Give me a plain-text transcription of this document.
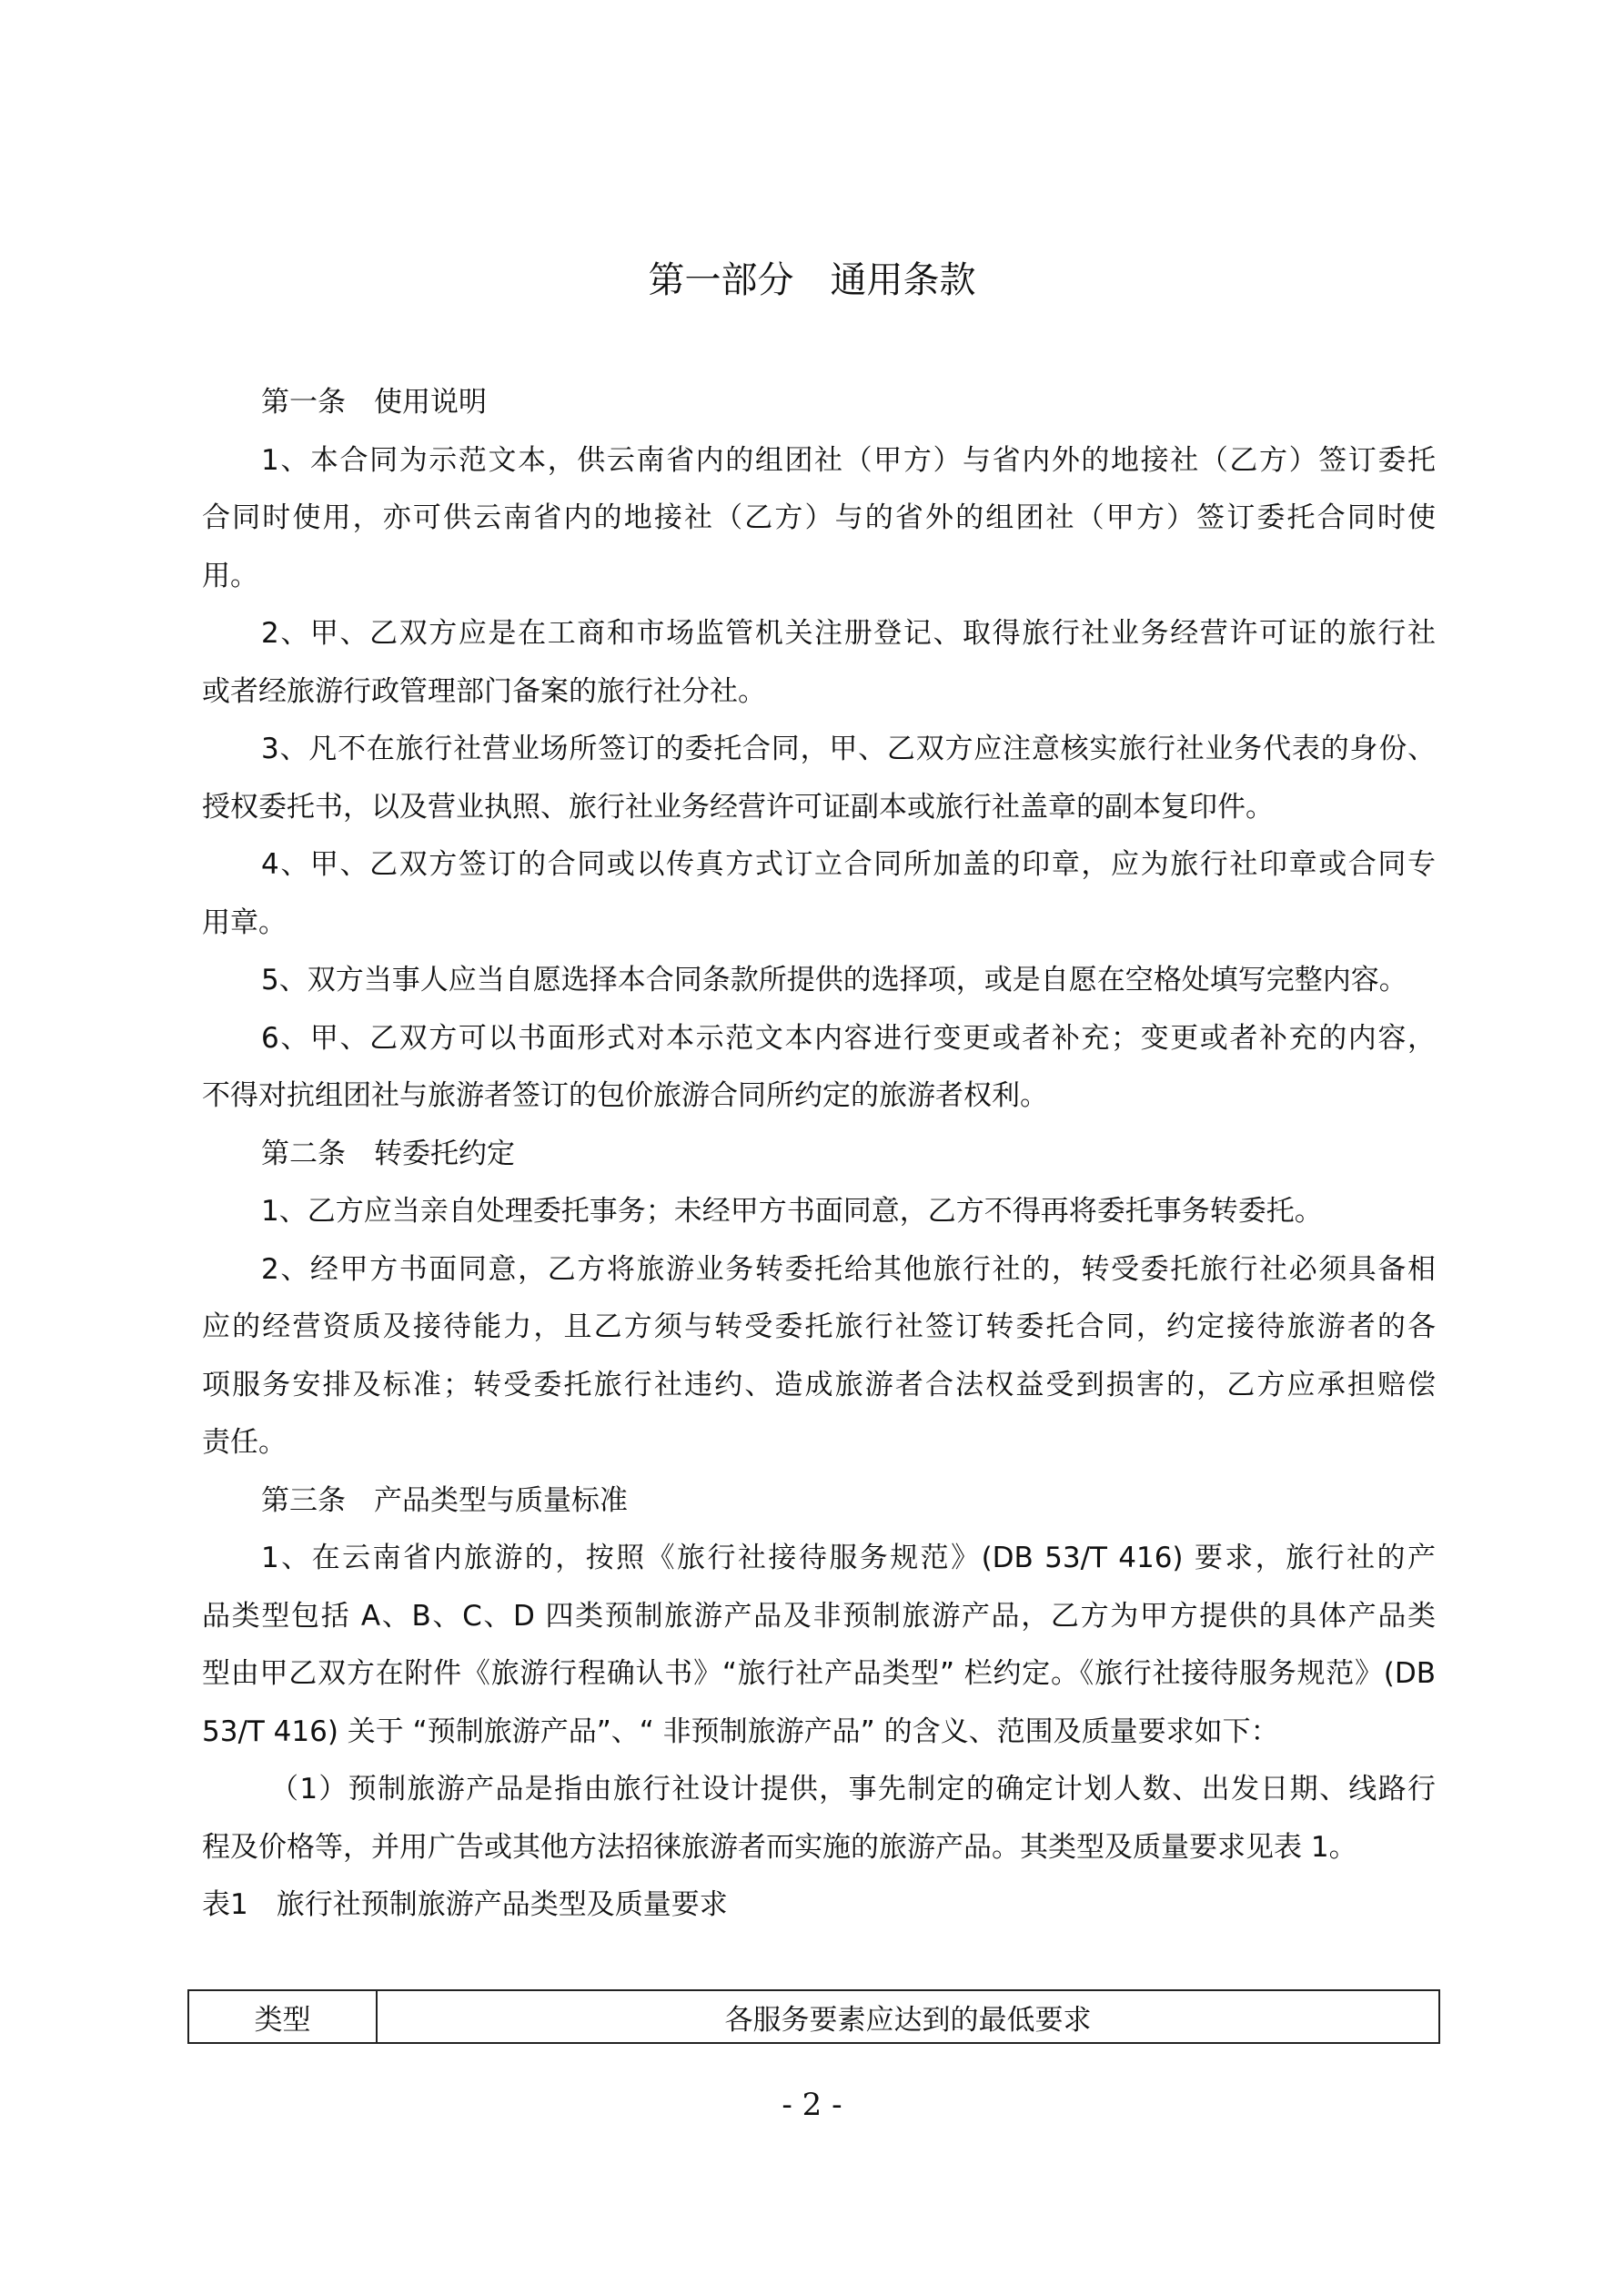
第一部分　通用条款
第一条　使用说明
1、本合同为示范文本，供云南省内的组团社（甲方）与省内外的地接社（乙方）签订委托
合同时使用，亦可供云南省内的地接社（乙方）与的省外的组团社（甲方）签订委托合同时使
用。
2、甲、乙双方应是在工商和市场监管机关注册登记、取得旅行社业务经营许可证的旅行社
或者经旅游行政管理部门备案的旅行社分社。
3、凡不在旅行社营业场所签订的委托合同，甲、乙双方应注意核实旅行社业务代表的身份、
授权委托书，以及营业执照、旅行社业务经营许可证副本或旅行社盖章的副本复印件。
4、甲、乙双方签订的合同或以传真方式订立合同所加盖的印章，应为旅行社印章或合同专
用章。
5、双方当事人应当自愿选择本合同条款所提供的选择项，或是自愿在空格处填写完整内容。
6、甲、乙双方可以书面形式对本示范文本内容进行变更或者补充；变更或者补充的内容，
不得对抗组团社与旅游者签订的包价旅游合同所约定的旅游者权利。
第二条　转委托约定
1、乙方应当亲自处理委托事务；未经甲方书面同意，乙方不得再将委托事务转委托。
2、经甲方书面同意，乙方将旅游业务转委托给其他旅行社的，转受委托旅行社必须具备相
应的经营资质及接待能力，且乙方须与转受委托旅行社签订转委托合同，约定接待旅游者的各
项服务安排及标准；转受委托旅行社违约、造成旅游者合法权益受到损害的，乙方应承担赔偿
责任。
第三条　产品类型与质量标准
1、在云南省内旅游的，按照《旅行社接待服务规范》(DB 53/T 416) 要求，旅行社的产
品类型包括 A、B、C、D 四类预制旅游产品及非预制旅游产品，乙方为甲方提供的具体产品类
型由甲乙双方在附件《旅游行程确认书》“旅行社产品类型” 栏约定。《旅行社接待服务规范》(DB
53/T 416) 关于 “预制旅游产品”、“ 非预制旅游产品” 的含义、范围及质量要求如下：
（1）预制旅游产品是指由旅行社设计提供，事先制定的确定计划人数、出发日期、线路行
程及价格等，并用广告或其他方法招徕旅游者而实施的旅游产品。其类型及质量要求见表 1。
表1　旅行社预制旅游产品类型及质量要求
类型	各服务要素应达到的最低要求
- 2 -
